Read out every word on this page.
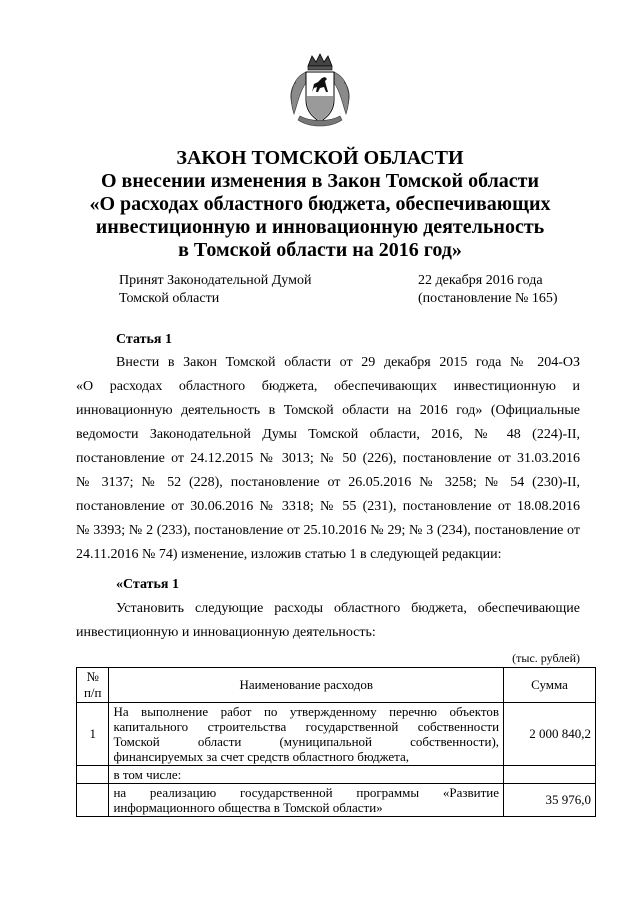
ЗАКОН ТОМСКОЙ ОБЛАСТИ
О внесении изменения в Закон Томской области
«О расходах областного бюджета, обеспечивающих
инвестиционную и инновационную деятельность
в Томской области на 2016 год»
Принят Законодательной Думой
Томской области
22 декабря 2016 года
(постановление № 165)
Статья 1
Внести в Закон Томской области от 29 декабря 2015 года № 204-ОЗ
«О расходах областного бюджета, обеспечивающих инвестиционную и
инновационную деятельность в Томской области на 2016 год» (Официальные
ведомости Законодательной Думы Томской области, 2016, № 48 (224)-II,
постановление от 24.12.2015 № 3013; № 50 (226), постановление от 31.03.2016
№ 3137; № 52 (228), постановление от 26.05.2016 № 3258; № 54 (230)-II,
постановление от 30.06.2016 № 3318; № 55 (231), постановление от 18.08.2016
№ 3393; № 2 (233), постановление от 25.10.2016 № 29; № 3 (234), постановление от
24.11.2016 № 74) изменение, изложив статью 1 в следующей редакции:
«Статья 1
Установить следующие расходы областного бюджета, обеспечивающие
инвестиционную и инновационную деятельность:
(тыс. рублей)
№
п/п	Наименование расходов	Сумма
1	На выполнение работ по утвержденному перечню объектов
капитального строительства государственной собственности
Томской области (муниципальной собственности),
финансируемых за счет средств областного бюджета,	2 000 840,2
	в том числе:	

	на реализацию государственной программы «Развитие
информационного общества в Томской области»	35 976,0
